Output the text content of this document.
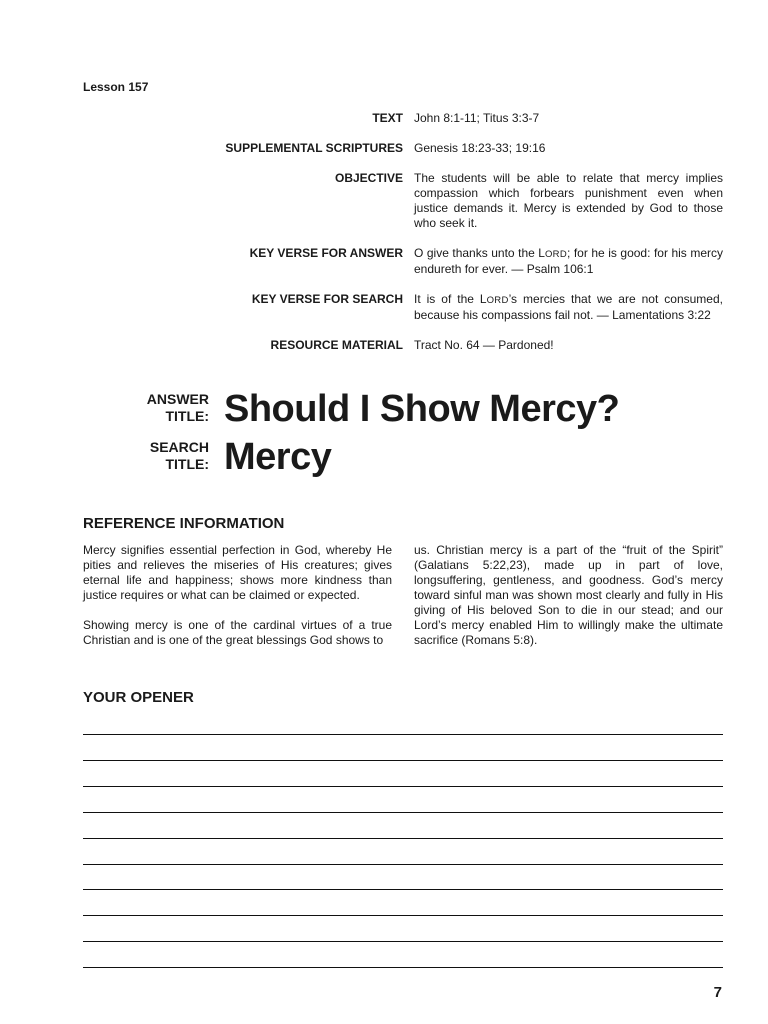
Lesson 157
TEXT John 8:1-11; Titus 3:3-7
SUPPLEMENTAL SCRIPTURES Genesis 18:23-33; 19:16
OBJECTIVE The students will be able to relate that mercy implies compassion which forbears punishment even when justice demands it. Mercy is extended by God to those who seek it.
KEY VERSE FOR ANSWER O give thanks unto the LORD; for he is good: for his mercy endureth for ever. — Psalm 106:1
KEY VERSE FOR SEARCH It is of the LORD’s mercies that we are not consumed, because his compassions fail not. — Lamentations 3:22
RESOURCE MATERIAL Tract No. 64 — Pardoned!
ANSWER
TITLE: Should I Show Mercy?
SEARCH
TITLE: Mercy
REFERENCE INFORMATION

Mercy signifies essential perfection in God, whereby He pities and relieves the miseries of His creatures; gives eternal life and happiness; shows more kindness than justice requires or what can be claimed or expected.

Showing mercy is one of the cardinal virtues of a true Christian and is one of the great blessings God shows to

us. Christian mercy is a part of the “fruit of the Spirit” (Galatians 5:22,23), made up in part of love, longsuffering, gentleness, and goodness. God’s mercy toward sinful man was shown most clearly and fully in His giving of His beloved Son to die in our stead; and our Lord’s mercy enabled Him to willingly make the ultimate sacrifice (Romans 5:8).

YOUR OPENER
7
